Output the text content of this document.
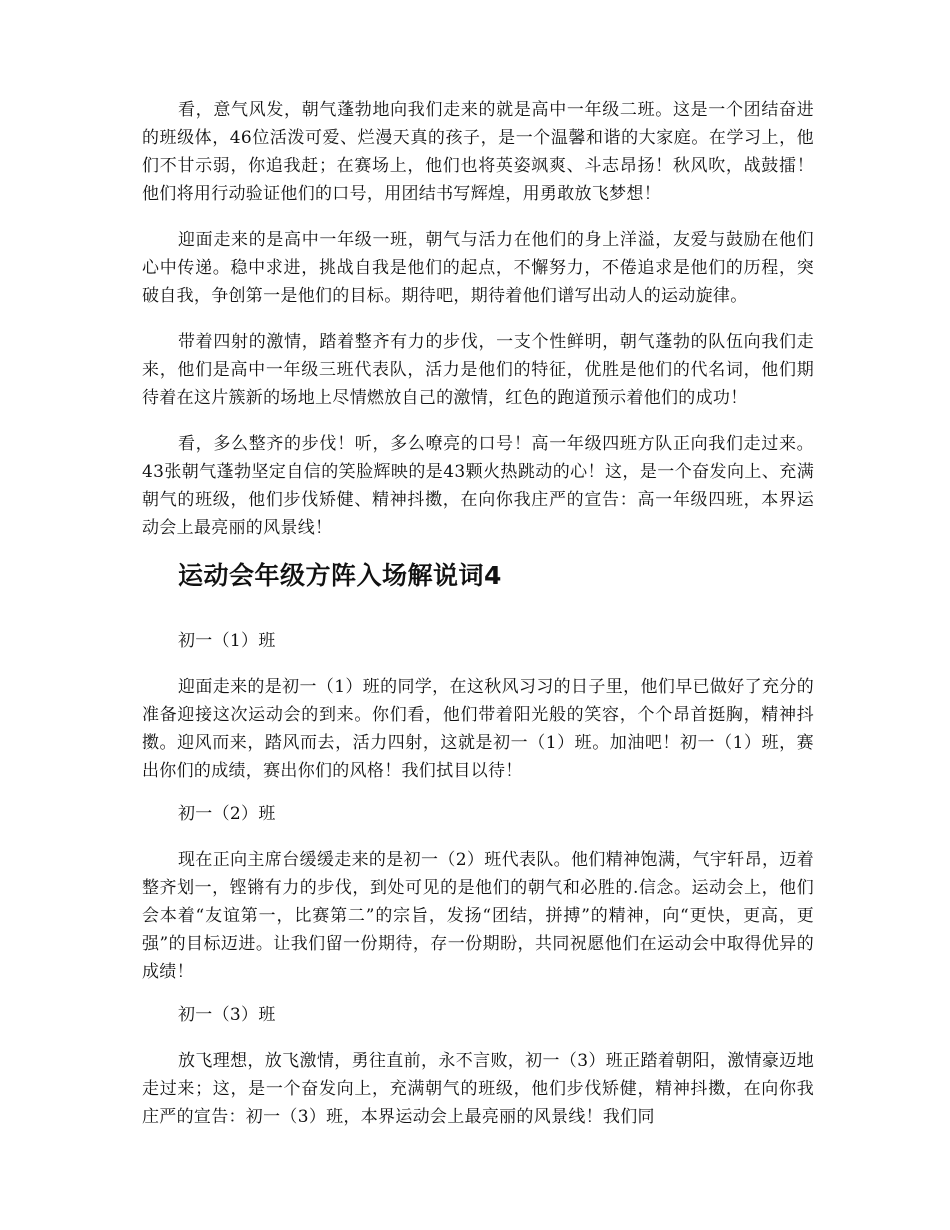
看，意气风发，朝气蓬勃地向我们走来的就是高中一年级二班。这是一个团结奋进的班级体，46位活泼可爱、烂漫天真的孩子，是一个温馨和谐的大家庭。在学习上，他们不甘示弱，你追我赶；在赛场上，他们也将英姿飒爽、斗志昂扬！秋风吹，战鼓擂！他们将用行动验证他们的口号，用团结书写辉煌，用勇敢放飞梦想！

迎面走来的是高中一年级一班，朝气与活力在他们的身上洋溢，友爱与鼓励在他们心中传递。稳中求进，挑战自我是他们的起点，不懈努力，不倦追求是他们的历程，突破自我，争创第一是他们的目标。期待吧，期待着他们谱写出动人的运动旋律。

带着四射的激情，踏着整齐有力的步伐，一支个性鲜明，朝气蓬勃的队伍向我们走来，他们是高中一年级三班代表队，活力是他们的特征，优胜是他们的代名词，他们期待着在这片簇新的场地上尽情燃放自己的激情，红色的跑道预示着他们的成功！

看，多么整齐的步伐！听，多么嘹亮的口号！高一年级四班方队正向我们走过来。43张朝气蓬勃坚定自信的笑脸辉映的是43颗火热跳动的心！这，是一个奋发向上、充满朝气的班级，他们步伐矫健、精神抖擞，在向你我庄严的宣告：高一年级四班，本界运动会上最亮丽的风景线！

运动会年级方阵入场解说词4

初一（1）班

迎面走来的是初一（1）班的同学，在这秋风习习的日子里，他们早已做好了充分的准备迎接这次运动会的到来。你们看，他们带着阳光般的笑容，个个昂首挺胸，精神抖擞。迎风而来，踏风而去，活力四射，这就是初一（1）班。加油吧！初一（1）班，赛出你们的成绩，赛出你们的风格！我们拭目以待！

初一（2）班

现在正向主席台缓缓走来的是初一（2）班代表队。他们精神饱满，气宇轩昂，迈着整齐划一，铿锵有力的步伐，到处可见的是他们的朝气和必胜的.信念。运动会上，他们会本着“友谊第一，比赛第二”的宗旨，发扬“团结，拼搏”的精神，向“更快，更高，更强”的目标迈进。让我们留一份期待，存一份期盼，共同祝愿他们在运动会中取得优异的成绩！

初一（3）班

放飞理想，放飞激情，勇往直前，永不言败，初一（3）班正踏着朝阳，激情豪迈地走过来；这，是一个奋发向上，充满朝气的班级，他们步伐矫健，精神抖擞，在向你我庄严的宣告：初一（3）班，本界运动会上最亮丽的风景线！我们同
